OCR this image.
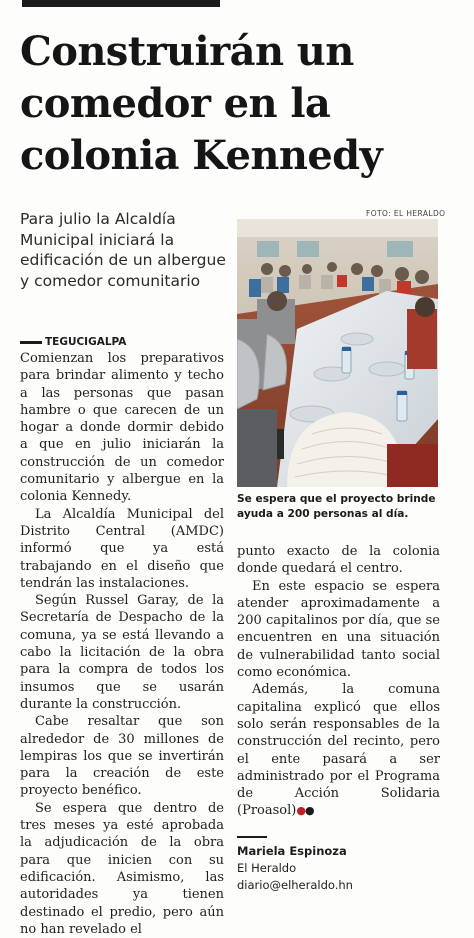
Construirán un comedor en la colonia Kennedy

Para julio la Alcaldía Municipal iniciará la edificación de un albergue y comedor comunitario

FOTO: EL HERALDO

Se espera que el proyecto brinde ayuda a 200 personas al día.

TEGUCIGALPA

Comienzan los preparativos para brindar alimento y techo a las personas que pasan hambre o que carecen de un hogar a donde dormir debido a que en julio iniciarán la construcción de un comedor comunitario y albergue en la colonia Kennedy.

La Alcaldía Municipal del Distrito Central (AMDC) informó que ya está trabajando en el diseño que tendrán las instalaciones.

Según Russel Garay, de la Secretaría de Despacho de la comuna, ya se está llevando a cabo la licitación de la obra para la compra de todos los insumos que se usarán durante la construcción.

Cabe resaltar que son alrededor de 30 millones de lempiras los que se invertirán para la creación de este proyecto benéfico.

Se espera que dentro de tres meses ya esté aprobada la adjudicación de la obra para que inicien con su edificación. Asimismo, las autoridades ya tienen destinado el predio, pero aún no han revelado el

punto exacto de la colonia donde quedará el centro.

En este espacio se espera atender aproximadamente a 200 capitalinos por día, que se encuentren en una situación de vulnerabilidad tanto social como económica.

Además, la comuna capitalina explicó que ellos solo serán responsables de la construcción del recinto, pero el ente pasará a ser administrado por el Programa de Acción Solidaria (Proasol)●●

Mariela Espinoza
El Heraldo
diario@elheraldo.hn
